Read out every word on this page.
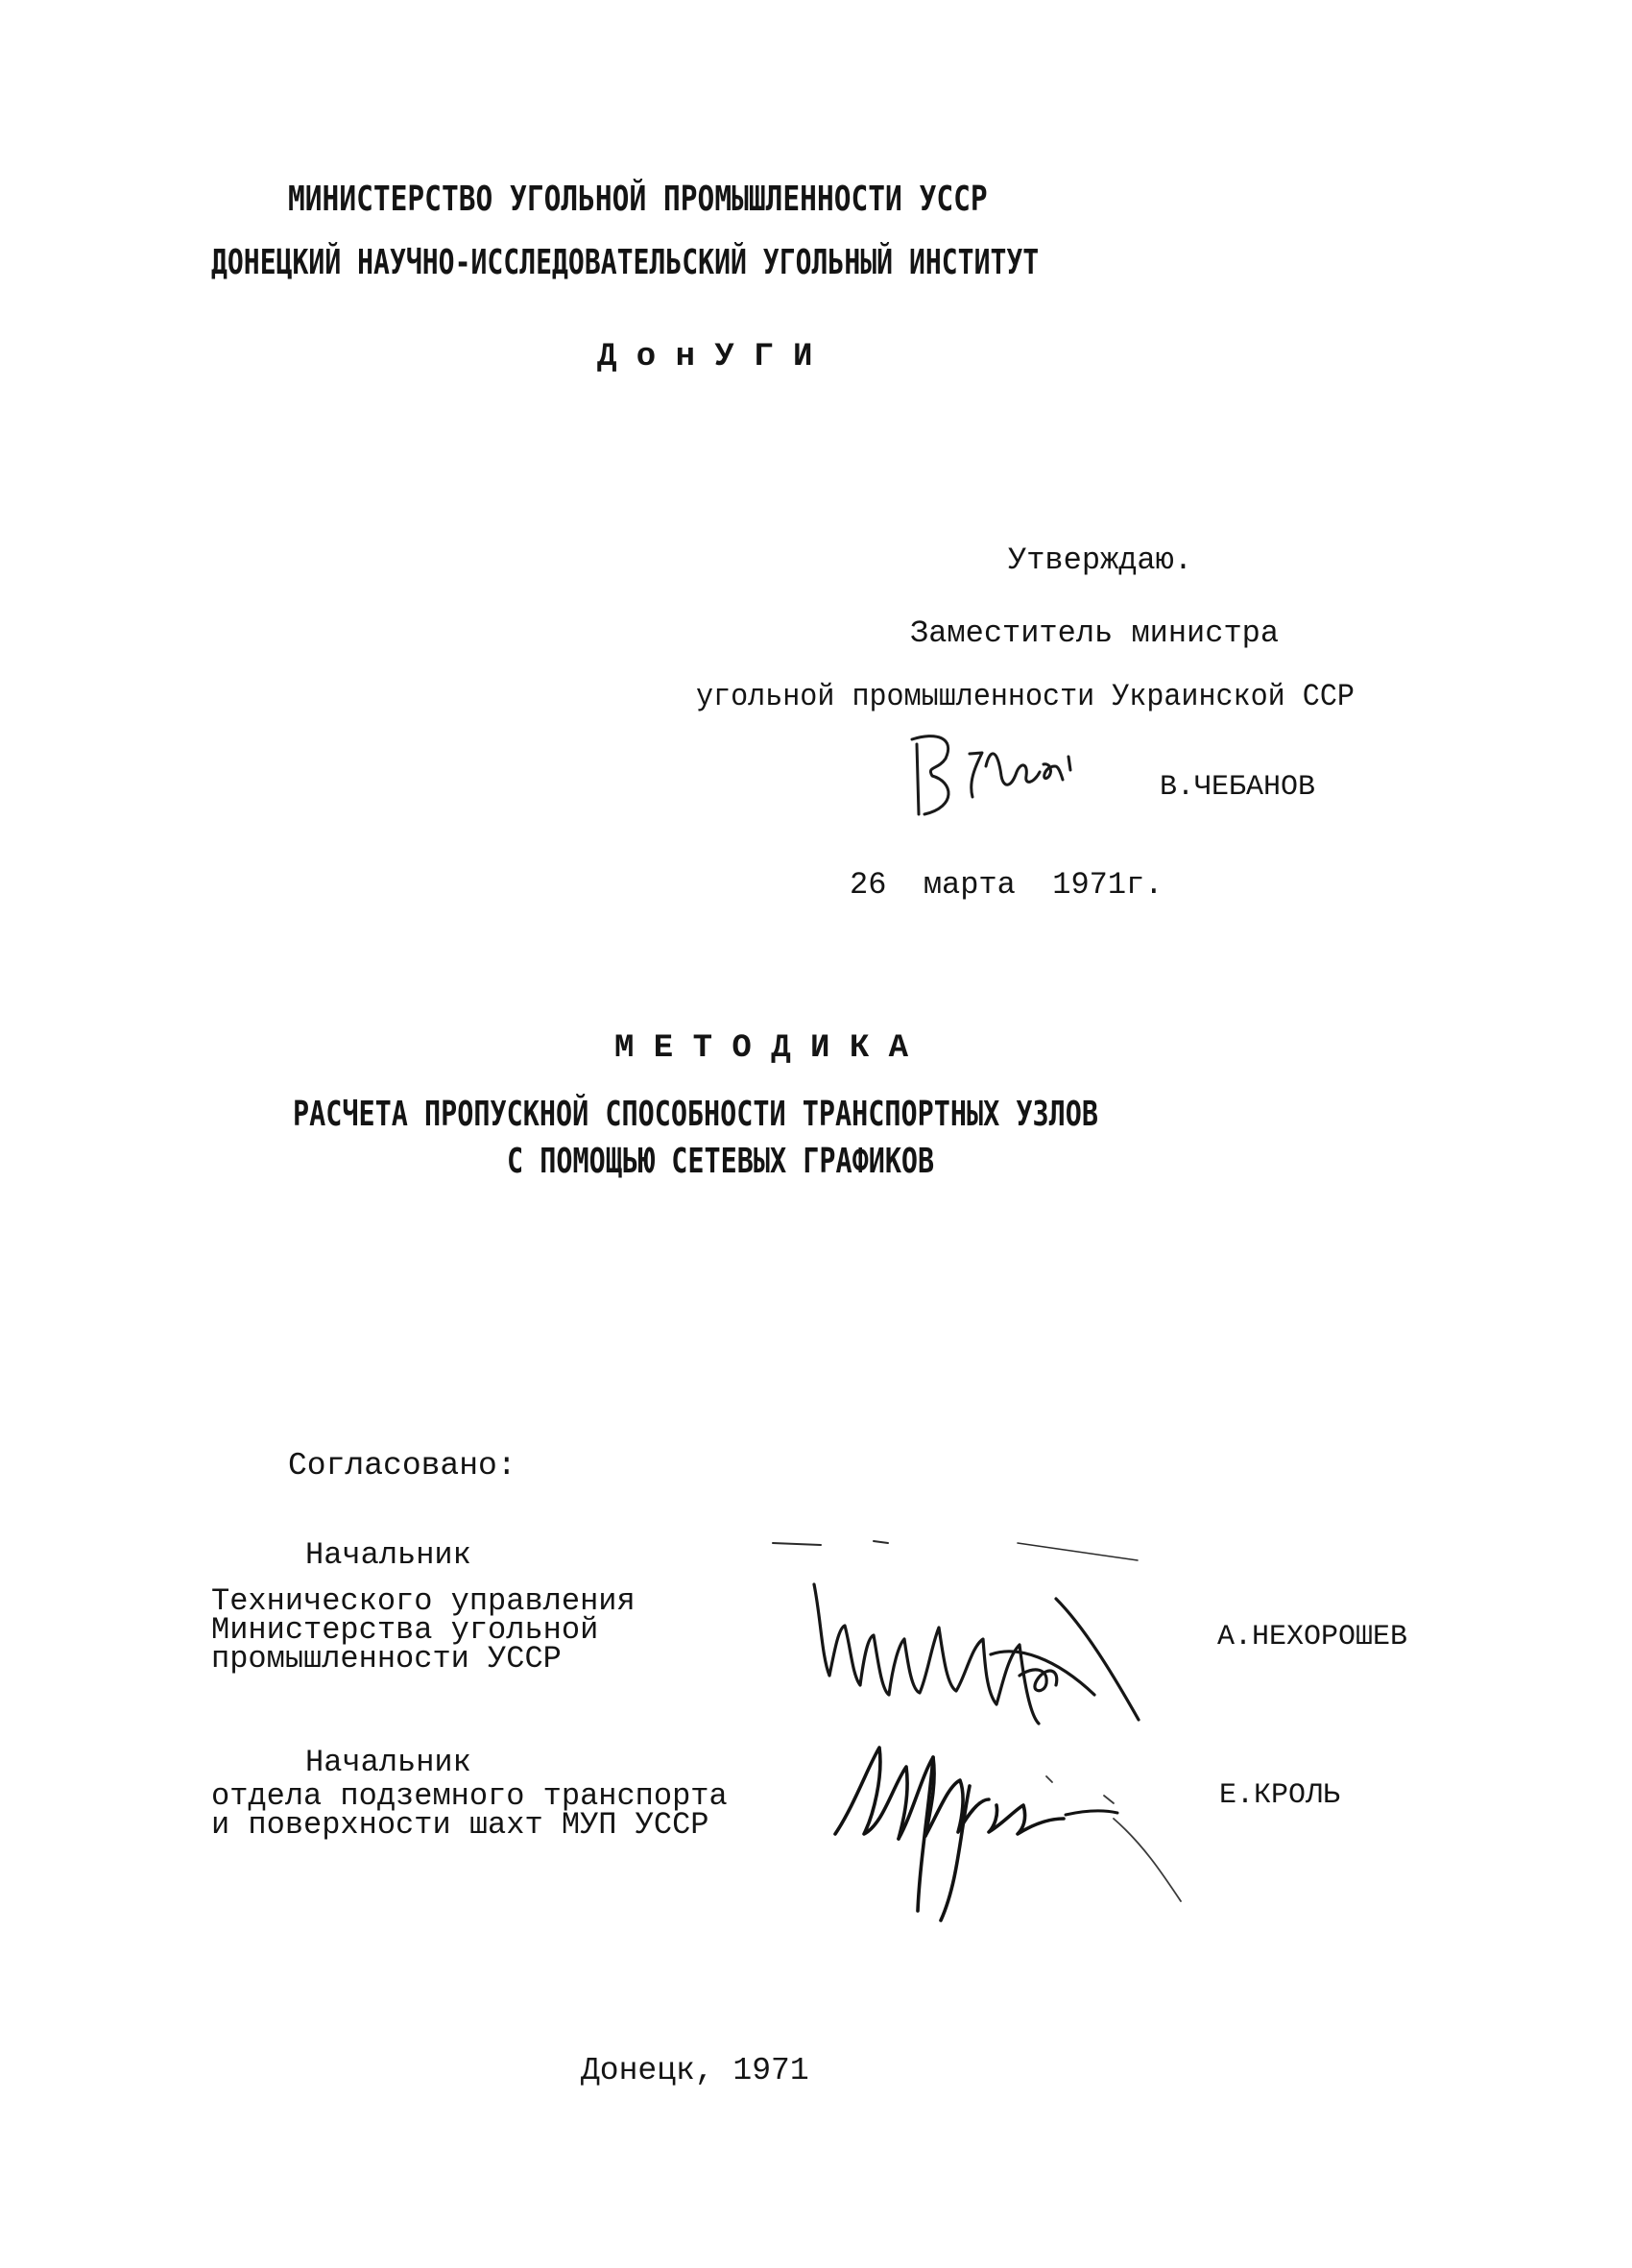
МИНИСТЕРСТВО УГОЛЬНОЙ ПРОМЫШЛЕННОСТИ УССР
ДОНЕЦКИЙ НАУЧНО-ИССЛЕДОВАТЕЛЬСКИЙ УГОЛЬНЫЙ ИНСТИТУТ
Д о н У Г И
Утверждаю.
Заместитель министра
угольной промышленности Украинской ССР
В.ЧЕБАНОВ
26  марта  1971г.
М Е Т О Д И К А
РАСЧЕТА ПРОПУСКНОЙ СПОСОБНОСТИ ТРАНСПОРТНЫХ УЗЛОВ
С ПОМОЩЬЮ СЕТЕВЫХ ГРАФИКОВ
Согласовано:
Начальник
Технического управления
Министерства угольной
промышленности УССР
А.НЕХОРОШЕВ
Начальник
отдела подземного транспорта
и поверхности шахт МУП УССР
Е.КРОЛЬ
Донецк, 1971
